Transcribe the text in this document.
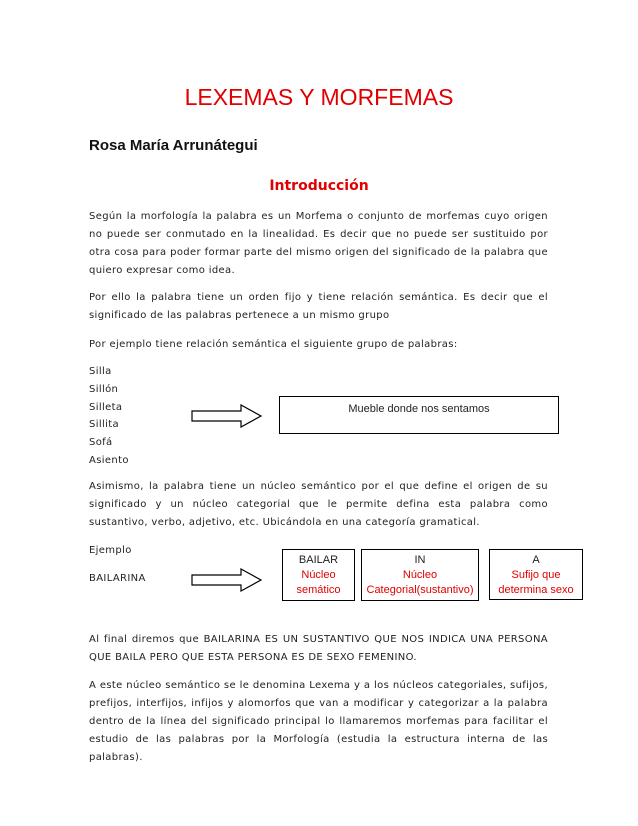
LEXEMAS Y MORFEMAS
Rosa María Arrunátegui
Introducción
Según la morfología la palabra es un Morfema o conjunto de morfemas cuyo origen no puede ser conmutado en la linealidad. Es decir que no puede ser sustituido por otra cosa para poder formar parte del mismo origen del significado de la palabra que quiero expresar como idea.
Por ello la palabra tiene un orden fijo y tiene relación semántica. Es decir que el significado de las palabras pertenece a un mismo grupo
Por ejemplo tiene relación semántica el siguiente grupo de palabras:
Silla
Sillón
Silleta
Sillita
Sofá
Asiento
Mueble donde nos sentamos
Asimismo, la palabra tiene un núcleo semántico por el que define el origen de su significado y un núcleo categorial que le permite defina esta palabra como sustantivo, verbo, adjetivo, etc. Ubicándola en una categoría gramatical.
Ejemplo
BAILARINA
BAILAR
Núcleo
semático
IN
Núcleo
Categorial(sustantivo)
A
Sufijo que
determina sexo
Al final diremos que BAILARINA ES UN SUSTANTIVO QUE NOS INDICA UNA PERSONA QUE BAILA PERO QUE ESTA PERSONA ES DE SEXO FEMENINO.
A este núcleo semántico se le denomina Lexema y a los núcleos categoriales, sufijos, prefijos, interfijos, infijos y alomorfos que van a modificar y categorizar a la palabra dentro de la línea del significado principal lo llamaremos morfemas para facilitar el estudio de las palabras por la Morfología (estudia la estructura interna de las palabras).
